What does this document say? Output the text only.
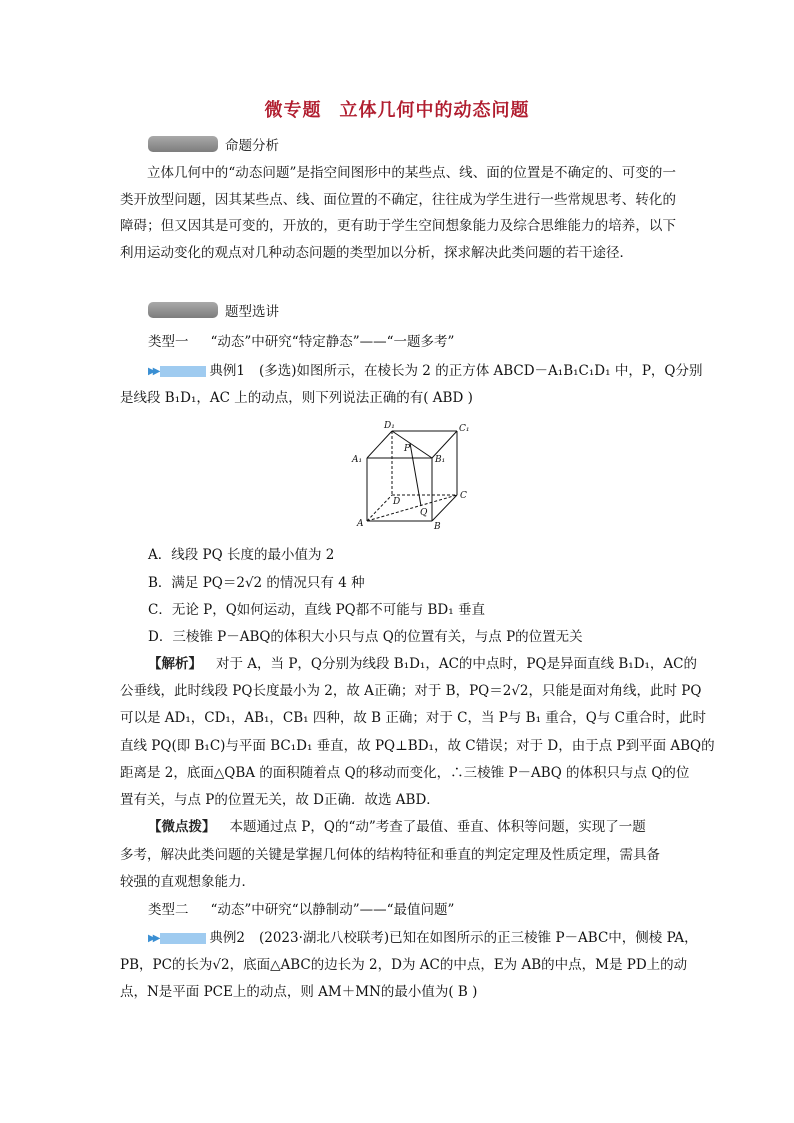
微专题 立体几何中的动态问题
命题分析
立体几何中的“动态问题”是指空间图形中的某些点、线、面的位置是不确定的、可变的一类开放型问题，因其某些点、线、面位置的不确定，往往成为学生进行一些常规思考、转化的障碍；但又因其是可变的，开放的，更有助于学生空间想象能力及综合思维能力的培养，以下利用运动变化的观点对几种动态问题的类型加以分析，探求解决此类问题的若干途径．
题型选讲
类型一 “动态”中研究“特定静态”——“一题多考”
▶▶	典例1 (多选)如图所示，在棱长为 2 的正方体 ABCD－A₁B₁C₁D₁ 中，P，Q分别
是线段 B₁D₁，AC 上的动点，则下列说法正确的有( ABD )
D₁	C₁
A₁	B₁
P
D
C
A	B
Q
A．线段 PQ 长度的最小值为 2
B．满足 PQ＝2√2 的情况只有 4 种
C．无论 P，Q如何运动，直线 PQ都不可能与 BD₁ 垂直
D．三棱锥 P－ABQ的体积大小只与点 Q的位置有关，与点 P的位置无关
【解析】 对于 A，当 P，Q分别为线段 B₁D₁，AC的中点时，PQ是异面直线 B₁D₁，AC的
公垂线，此时线段 PQ长度最小为 2，故 A正确；对于 B，PQ＝2√2，只能是面对角线，此时 PQ
可以是 AD₁，CD₁，AB₁，CB₁ 四种，故 B 正确；对于 C，当 P与 B₁ 重合，Q与 C重合时，此时
直线 PQ(即 B₁C)与平面 BC₁D₁ 垂直，故 PQ⊥BD₁，故 C错误；对于 D，由于点 P到平面 ABQ的
距离是 2，底面△QBA 的面积随着点 Q的移动而变化，∴三棱锥 P－ABQ 的体积只与点 Q的位
置有关，与点 P的位置无关，故 D正确．故选 ABD．
【微点拨】 本题通过点 P，Q的“动”考查了最值、垂直、体积等问题，实现了一题
多考，解决此类问题的关键是掌握几何体的结构特征和垂直的判定定理及性质定理，需具备
较强的直观想象能力．
类型二 “动态”中研究“以静制动”——“最值问题”
▶▶	典例2 (2023·湖北八校联考)已知在如图所示的正三棱锥 P－ABC中，侧棱 PA，
PB，PC的长为√2，底面△ABC的边长为 2，D为 AC的中点，E为 AB的中点，M是 PD上的动
点，N是平面 PCE上的动点，则 AM＋MN的最小值为( B )
